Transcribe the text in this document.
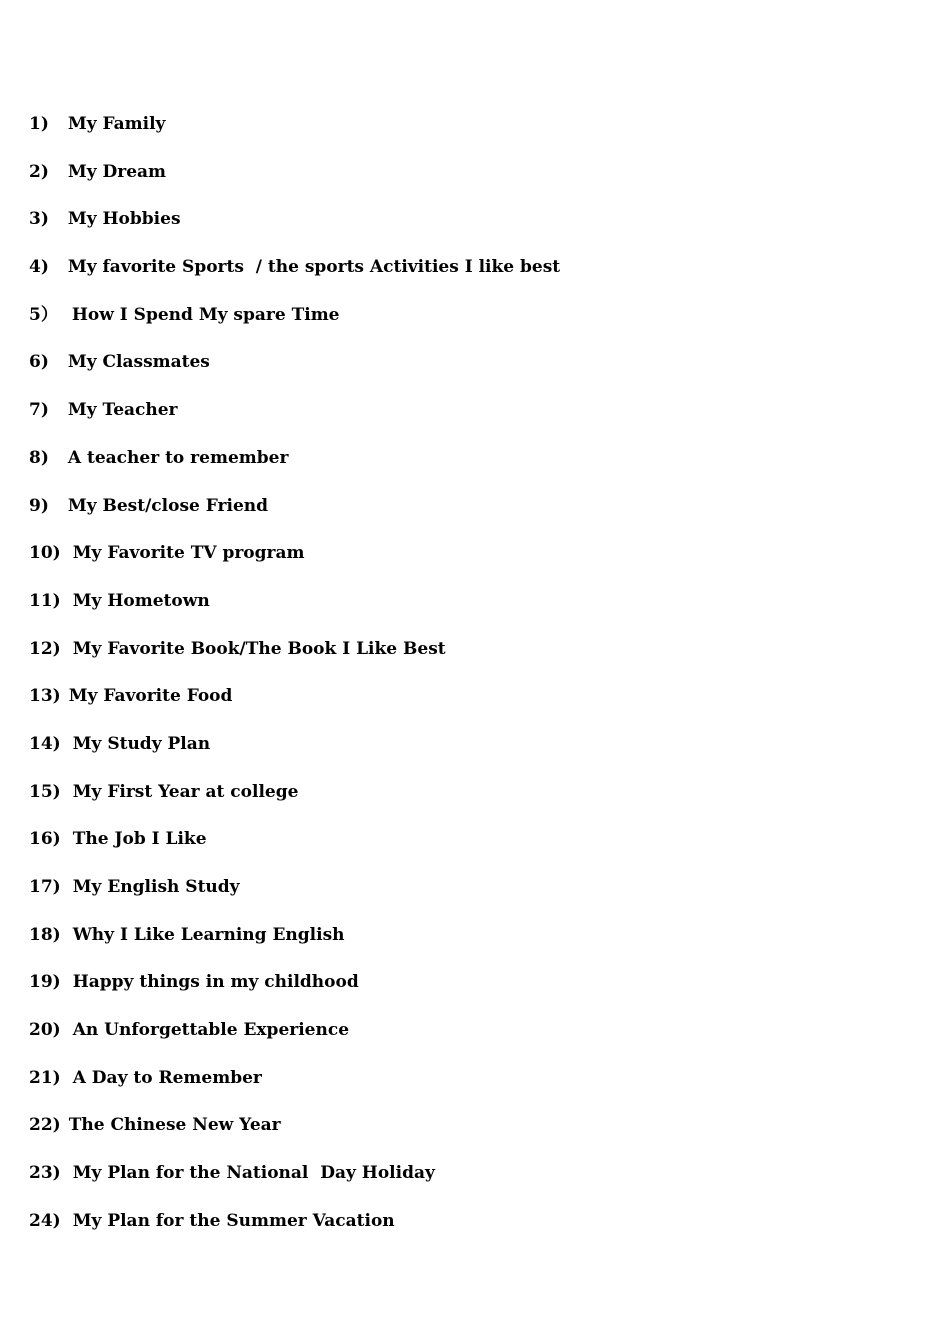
1) My Family
2) My Dream
3) My Hobbies
4) My favorite Sports  / the sports Activities I like best
5） How I Spend My spare Time
6) My Classmates
7) My Teacher
8) A teacher to remember
9) My Best/close Friend
10) My Favorite TV program
11) My Hometown
12) My Favorite Book/The Book I Like Best
13) My Favorite Food
14) My Study Plan
15) My First Year at college
16) The Job I Like
17) My English Study
18) Why I Like Learning English
19) Happy things in my childhood
20) An Unforgettable Experience
21) A Day to Remember
22) The Chinese New Year
23) My Plan for the National  Day Holiday
24) My Plan for the Summer Vacation
